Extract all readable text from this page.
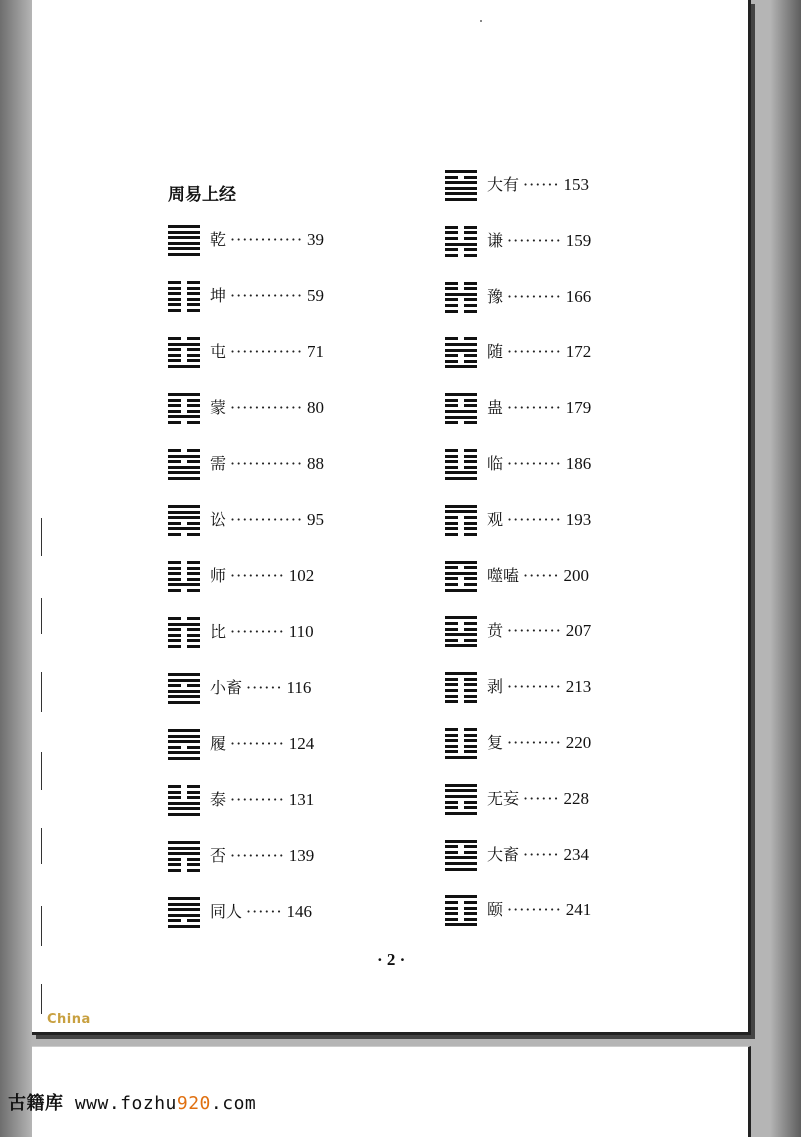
周易上经
乾 ············ 39
坤 ············ 59
屯 ············ 71
蒙 ············ 80
需 ············ 88
讼 ············ 95
师 ········· 102
比 ········· 110
小畜 ······ 116
履 ········· 124
泰 ········· 131
否 ········· 139
同人 ······ 146
大有 ······ 153
谦 ········· 159
豫 ········· 166
随 ········· 172
蛊 ········· 179
临 ········· 186
观 ········· 193
噬嗑 ······ 200
贲 ········· 207
剥 ········· 213
复 ········· 220
无妄 ······ 228
大畜 ······ 234
颐 ········· 241
· 2 ·
China
古籍库 www.fozhu920.com
